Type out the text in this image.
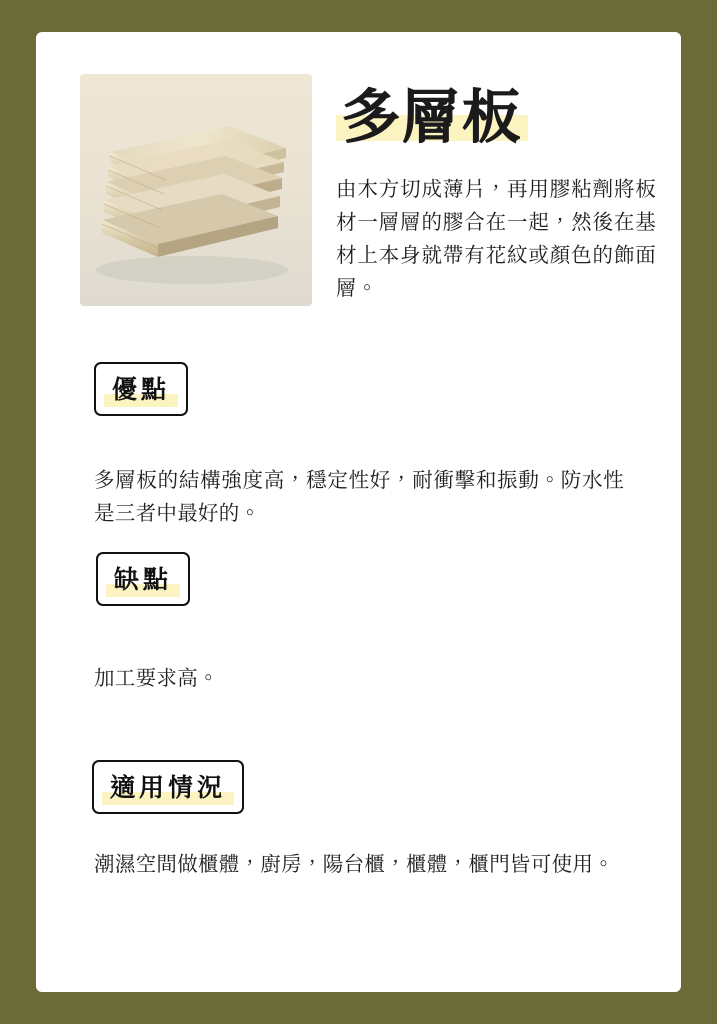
多層板
由木方切成薄片，再用膠粘劑將板材一層層的膠合在一起，然後在基材上本身就帶有花紋或顏色的飾面層。
優點
多層板的結構強度高，穩定性好，耐衝擊和振動。防水性是三者中最好的。
缺點
加工要求高。
適用情況
潮濕空間做櫃體，廚房，陽台櫃，櫃體，櫃門皆可使用。
